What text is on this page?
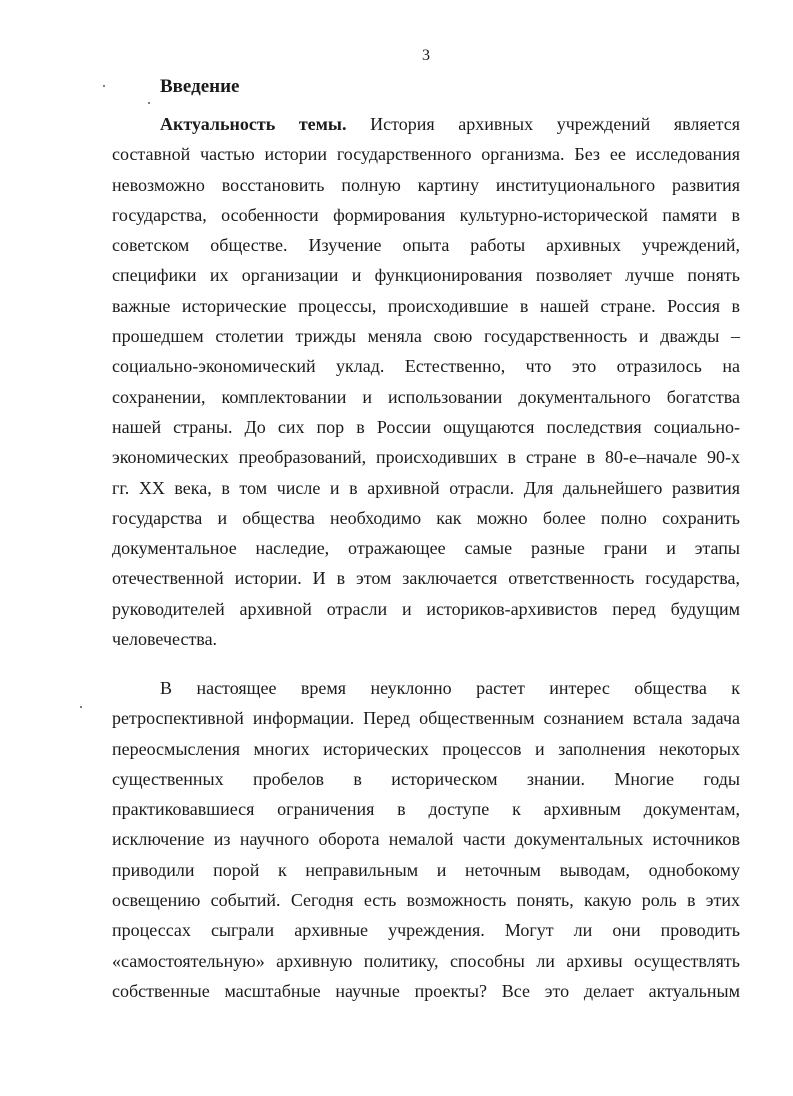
3
Введение
Актуальность темы. История архивных учреждений является
составной частью истории государственного организма. Без ее исследования
невозможно восстановить полную картину институционального развития
государства, особенности формирования культурно-исторической памяти в
советском обществе. Изучение опыта работы архивных учреждений,
специфики их организации и функционирования позволяет лучше понять
важные исторические процессы, происходившие в нашей стране. Россия в
прошедшем столетии трижды меняла свою государственность и дважды –
социально-экономический уклад. Естественно, что это отразилось на
сохранении, комплектовании и использовании документального богатства
нашей страны. До сих пор в России ощущаются последствия социально-
экономических преобразований, происходивших в стране в 80-е–начале 90-х
гг. XX века, в том числе и в архивной отрасли. Для дальнейшего развития
государства и общества необходимо как можно более полно сохранить
документальное наследие, отражающее самые разные грани и этапы
отечественной истории. И в этом заключается ответственность государства,
руководителей архивной отрасли и историков-архивистов перед будущим
человечества.
В настоящее время неуклонно растет интерес общества к
ретроспективной информации. Перед общественным сознанием встала задача
переосмысления многих исторических процессов и заполнения некоторых
существенных пробелов в историческом знании. Многие годы
практиковавшиеся ограничения в доступе к архивным документам,
исключение из научного оборота немалой части документальных источников
приводили порой к неправильным и неточным выводам, однобокому
освещению событий. Сегодня есть возможность понять, какую роль в этих
процессах сыграли архивные учреждения. Могут ли они проводить
«самостоятельную» архивную политику, способны ли архивы осуществлять
собственные масштабные научные проекты? Все это делает актуальным
